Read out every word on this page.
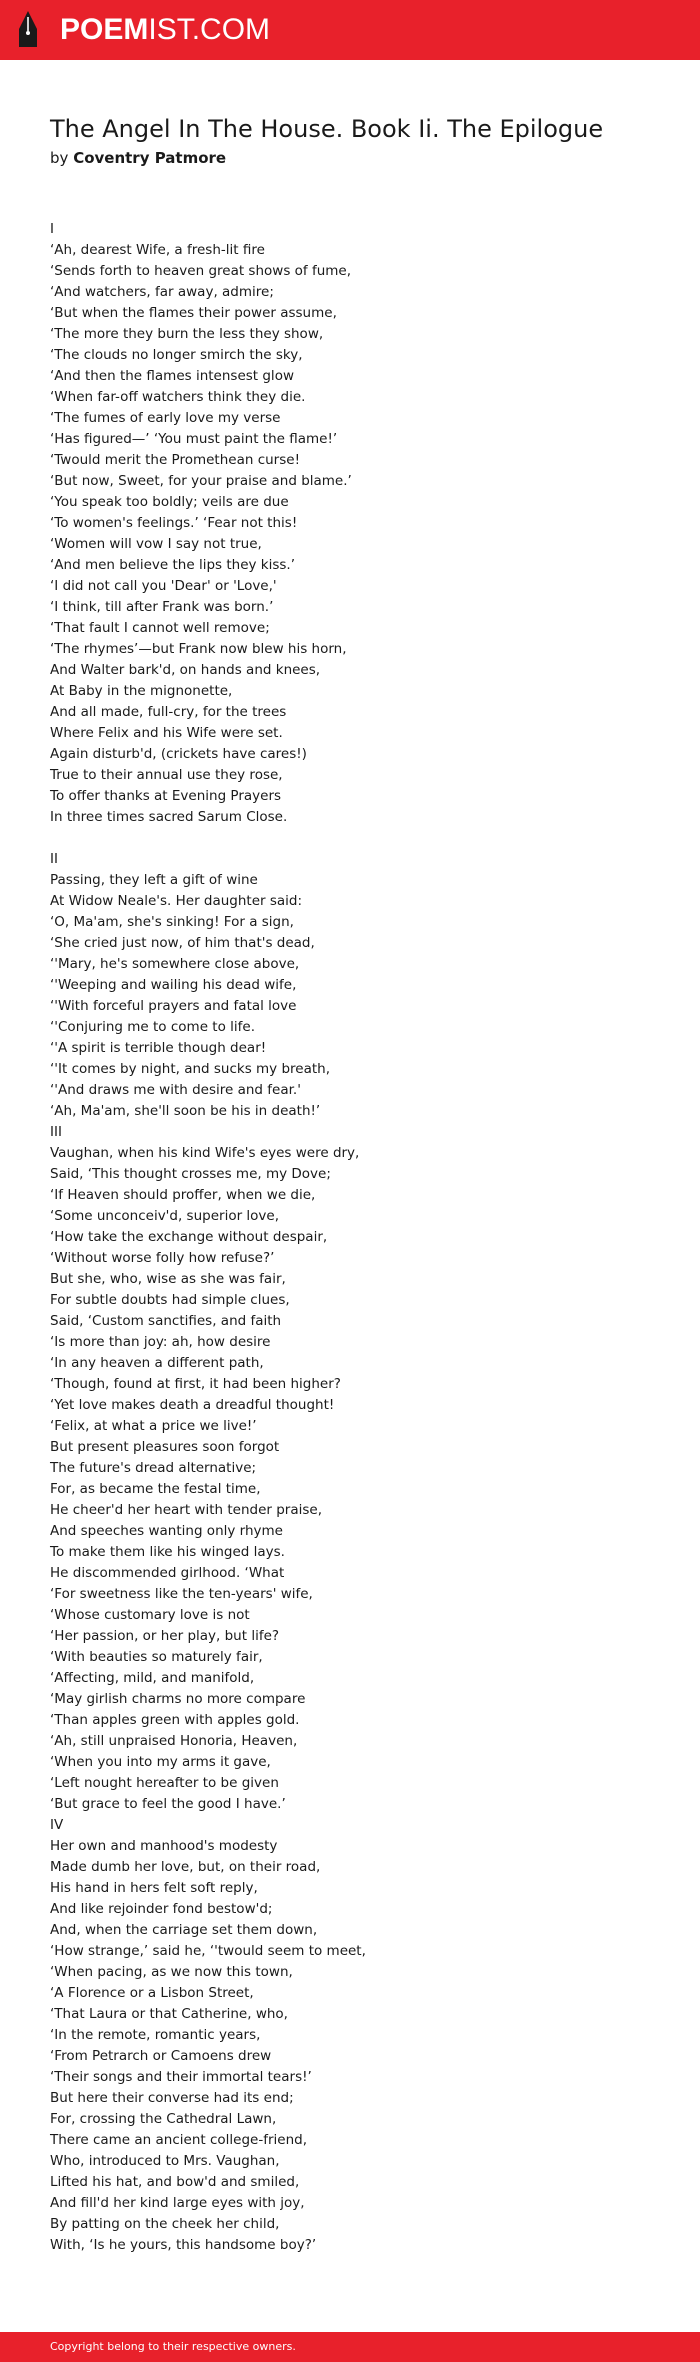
POEMIST.COM
The Angel In The House. Book Ii. The Epilogue
by Coventry Patmore
I
‘Ah, dearest Wife, a fresh-lit fire
‘Sends forth to heaven great shows of fume,
‘And watchers, far away, admire;
‘But when the flames their power assume,
‘The more they burn the less they show,
‘The clouds no longer smirch the sky,
‘And then the flames intensest glow
‘When far-off watchers think they die.
‘The fumes of early love my verse
‘Has figured—’ ‘You must paint the flame!’
‘Twould merit the Promethean curse!
‘But now, Sweet, for your praise and blame.’
‘You speak too boldly; veils are due
‘To women's feelings.’ ‘Fear not this!
‘Women will vow I say not true,
‘And men believe the lips they kiss.’
‘I did not call you 'Dear' or 'Love,'
‘I think, till after Frank was born.’
‘That fault I cannot well remove;
‘The rhymes’—but Frank now blew his horn,
And Walter bark'd, on hands and knees,
At Baby in the mignonette,
And all made, full-cry, for the trees
Where Felix and his Wife were set.
Again disturb'd, (crickets have cares!)
True to their annual use they rose,
To offer thanks at Evening Prayers
In three times sacred Sarum Close.
II
Passing, they left a gift of wine
At Widow Neale's. Her daughter said:
‘O, Ma'am, she's sinking! For a sign,
‘She cried just now, of him that's dead,
‘'Mary, he's somewhere close above,
‘'Weeping and wailing his dead wife,
‘'With forceful prayers and fatal love
‘'Conjuring me to come to life.
‘'A spirit is terrible though dear!
‘'It comes by night, and sucks my breath,
‘'And draws me with desire and fear.'
‘Ah, Ma'am, she'll soon be his in death!’
III
Vaughan, when his kind Wife's eyes were dry,
Said, ‘This thought crosses me, my Dove;
‘If Heaven should proffer, when we die,
‘Some unconceiv'd, superior love,
‘How take the exchange without despair,
‘Without worse folly how refuse?’
But she, who, wise as she was fair,
For subtle doubts had simple clues,
Said, ‘Custom sanctifies, and faith
‘Is more than joy: ah, how desire
‘In any heaven a different path,
‘Though, found at first, it had been higher?
‘Yet love makes death a dreadful thought!
‘Felix, at what a price we live!’
But present pleasures soon forgot
The future's dread alternative;
For, as became the festal time,
He cheer'd her heart with tender praise,
And speeches wanting only rhyme
To make them like his winged lays.
He discommended girlhood. ‘What
‘For sweetness like the ten-years' wife,
‘Whose customary love is not
‘Her passion, or her play, but life?
‘With beauties so maturely fair,
‘Affecting, mild, and manifold,
‘May girlish charms no more compare
‘Than apples green with apples gold.
‘Ah, still unpraised Honoria, Heaven,
‘When you into my arms it gave,
‘Left nought hereafter to be given
‘But grace to feel the good I have.’
IV
Her own and manhood's modesty
Made dumb her love, but, on their road,
His hand in hers felt soft reply,
And like rejoinder fond bestow'd;
And, when the carriage set them down,
‘How strange,’ said he, ‘'twould seem to meet,
‘When pacing, as we now this town,
‘A Florence or a Lisbon Street,
‘That Laura or that Catherine, who,
‘In the remote, romantic years,
‘From Petrarch or Camoens drew
‘Their songs and their immortal tears!’
But here their converse had its end;
For, crossing the Cathedral Lawn,
There came an ancient college-friend,
Who, introduced to Mrs. Vaughan,
Lifted his hat, and bow'd and smiled,
And fill'd her kind large eyes with joy,
By patting on the cheek her child,
With, ‘Is he yours, this handsome boy?’
Copyright belong to their respective owners.
